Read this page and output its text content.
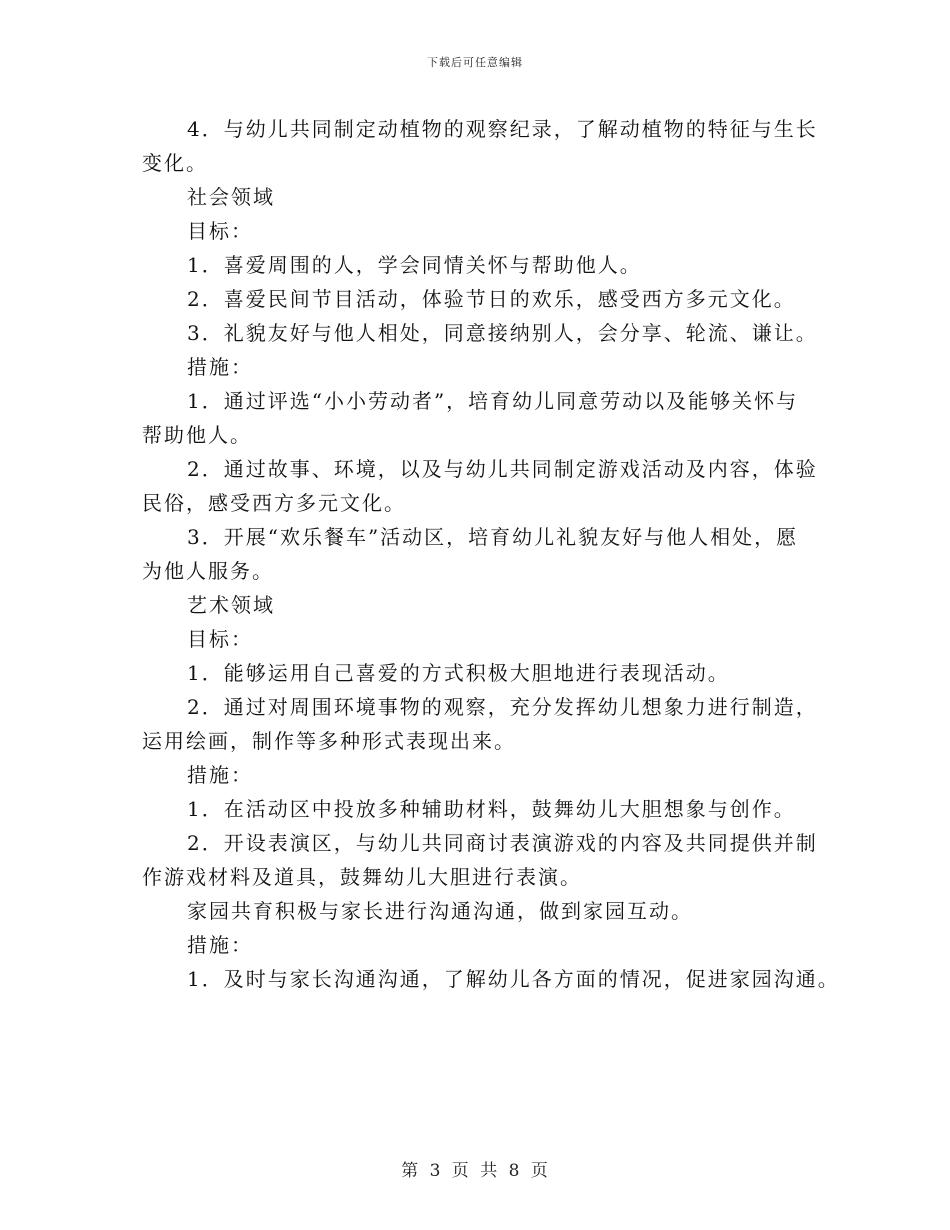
下载后可任意编辑
4．与幼儿共同制定动植物的观察纪录，了解动植物的特征与生长
变化。
社会领域
目标：
1．喜爱周围的人，学会同情关怀与帮助他人。
2．喜爱民间节目活动，体验节日的欢乐，感受西方多元文化。
3．礼貌友好与他人相处，同意接纳别人，会分享、轮流、谦让。
措施：
1．通过评选“小小劳动者”，培育幼儿同意劳动以及能够关怀与
帮助他人。
2．通过故事、环境，以及与幼儿共同制定游戏活动及内容，体验
民俗，感受西方多元文化。
3．开展“欢乐餐车”活动区，培育幼儿礼貌友好与他人相处，愿
为他人服务。
艺术领域
目标：
1．能够运用自己喜爱的方式积极大胆地进行表现活动。
2．通过对周围环境事物的观察，充分发挥幼儿想象力进行制造，
运用绘画，制作等多种形式表现出来。
措施：
1．在活动区中投放多种辅助材料，鼓舞幼儿大胆想象与创作。
2．开设表演区，与幼儿共同商讨表演游戏的内容及共同提供并制
作游戏材料及道具，鼓舞幼儿大胆进行表演。
家园共育积极与家长进行沟通沟通，做到家园互动。
措施：
1．及时与家长沟通沟通，了解幼儿各方面的情况，促进家园沟通。
第 3 页 共 8 页
